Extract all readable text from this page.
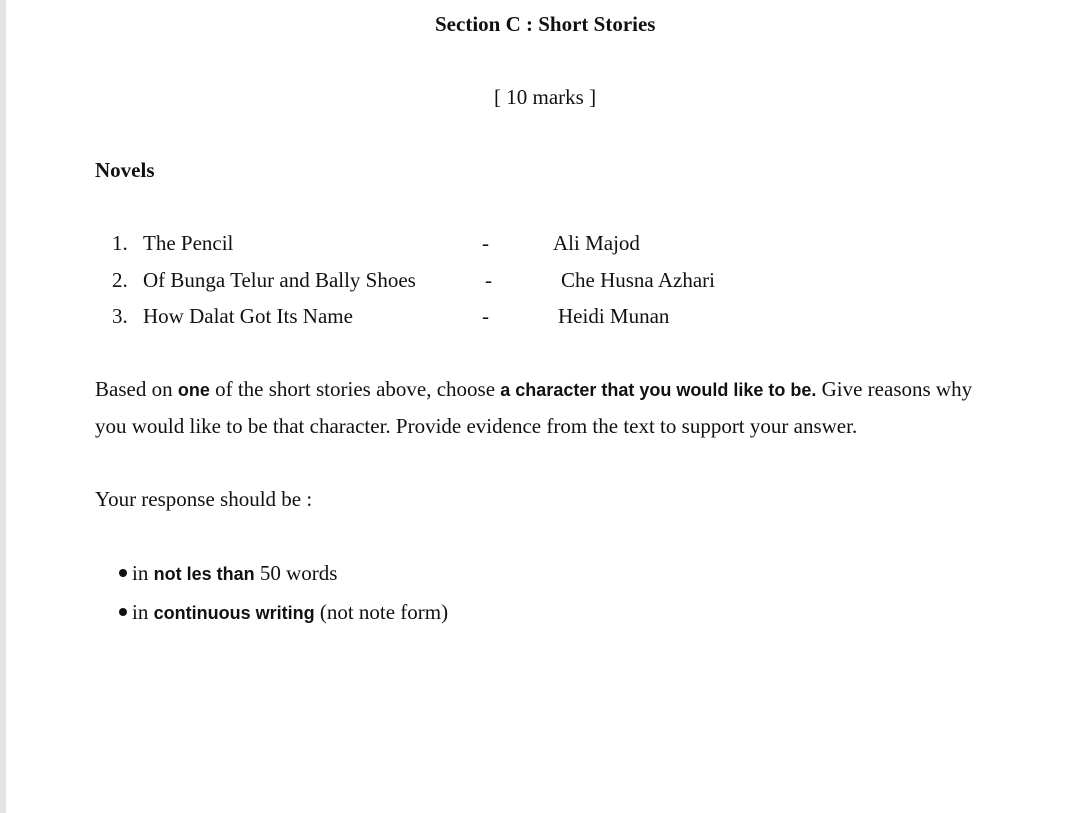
Section C : Short Stories
[ 10 marks ]
Novels
1. The Pencil	-	Ali Majod
2. Of Bunga Telur and Bally Shoes	-	Che Husna Azhari
3. How Dalat Got Its Name	-	Heidi Munan
Based on one of the short stories above, choose a character that you would like to be. Give reasons why
you would like to be that character. Provide evidence from the text to support your answer.
Your response should be :
in not les than 50 words
in continuous writing (not note form)
